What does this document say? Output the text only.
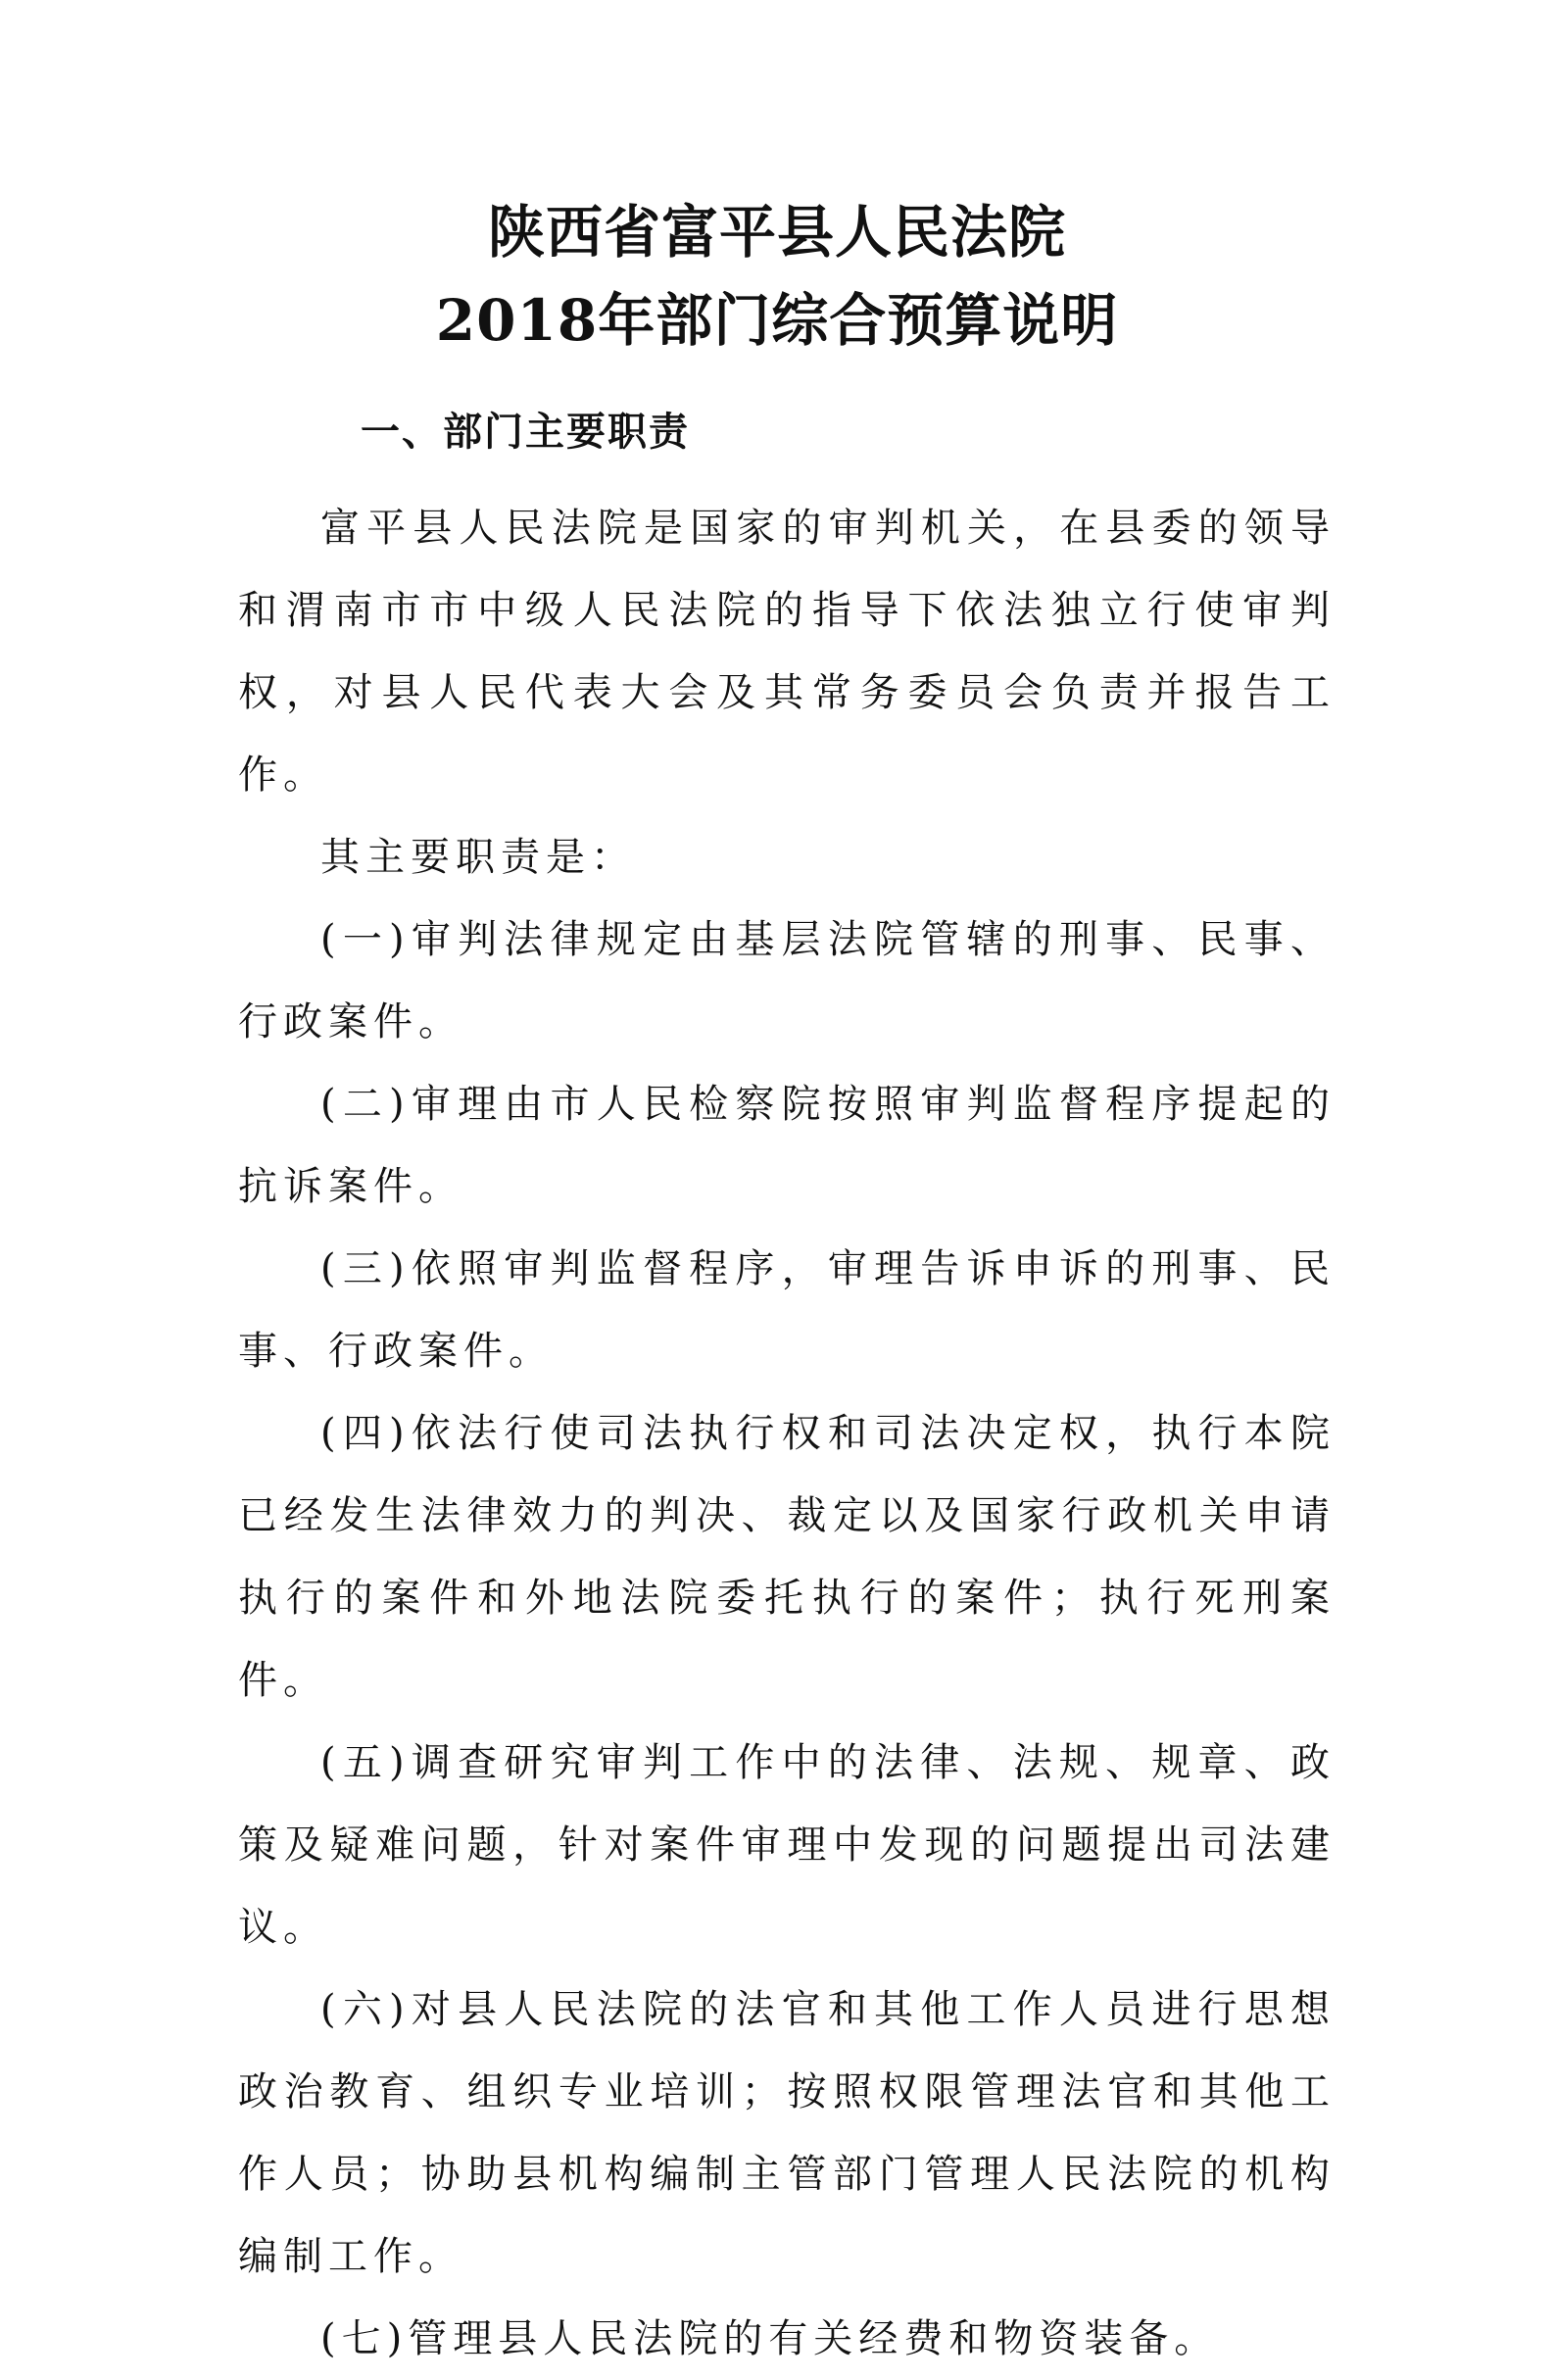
陕西省富平县人民法院
2018年部门综合预算说明
一、部门主要职责

富平县人民法院是国家的审判机关，在县委的领导和渭南市市中级人民法院的指导下依法独立行使审判权，对县人民代表大会及其常务委员会负责并报告工作。

其主要职责是：

(一)审判法律规定由基层法院管辖的刑事、民事、行政案件。

(二)审理由市人民检察院按照审判监督程序提起的抗诉案件。

(三)依照审判监督程序，审理告诉申诉的刑事、民事、行政案件。

(四)依法行使司法执行权和司法决定权，执行本院已经发生法律效力的判决、裁定以及国家行政机关申请执行的案件和外地法院委托执行的案件；执行死刑案件。

(五)调查研究审判工作中的法律、法规、规章、政策及疑难问题，针对案件审理中发现的问题提出司法建议。

(六)对县人民法院的法官和其他工作人员进行思想政治教育、组织专业培训；按照权限管理法官和其他工作人员；协助县机构编制主管部门管理人民法院的机构编制工作。

(七)管理县人民法院的有关经费和物资装备。
